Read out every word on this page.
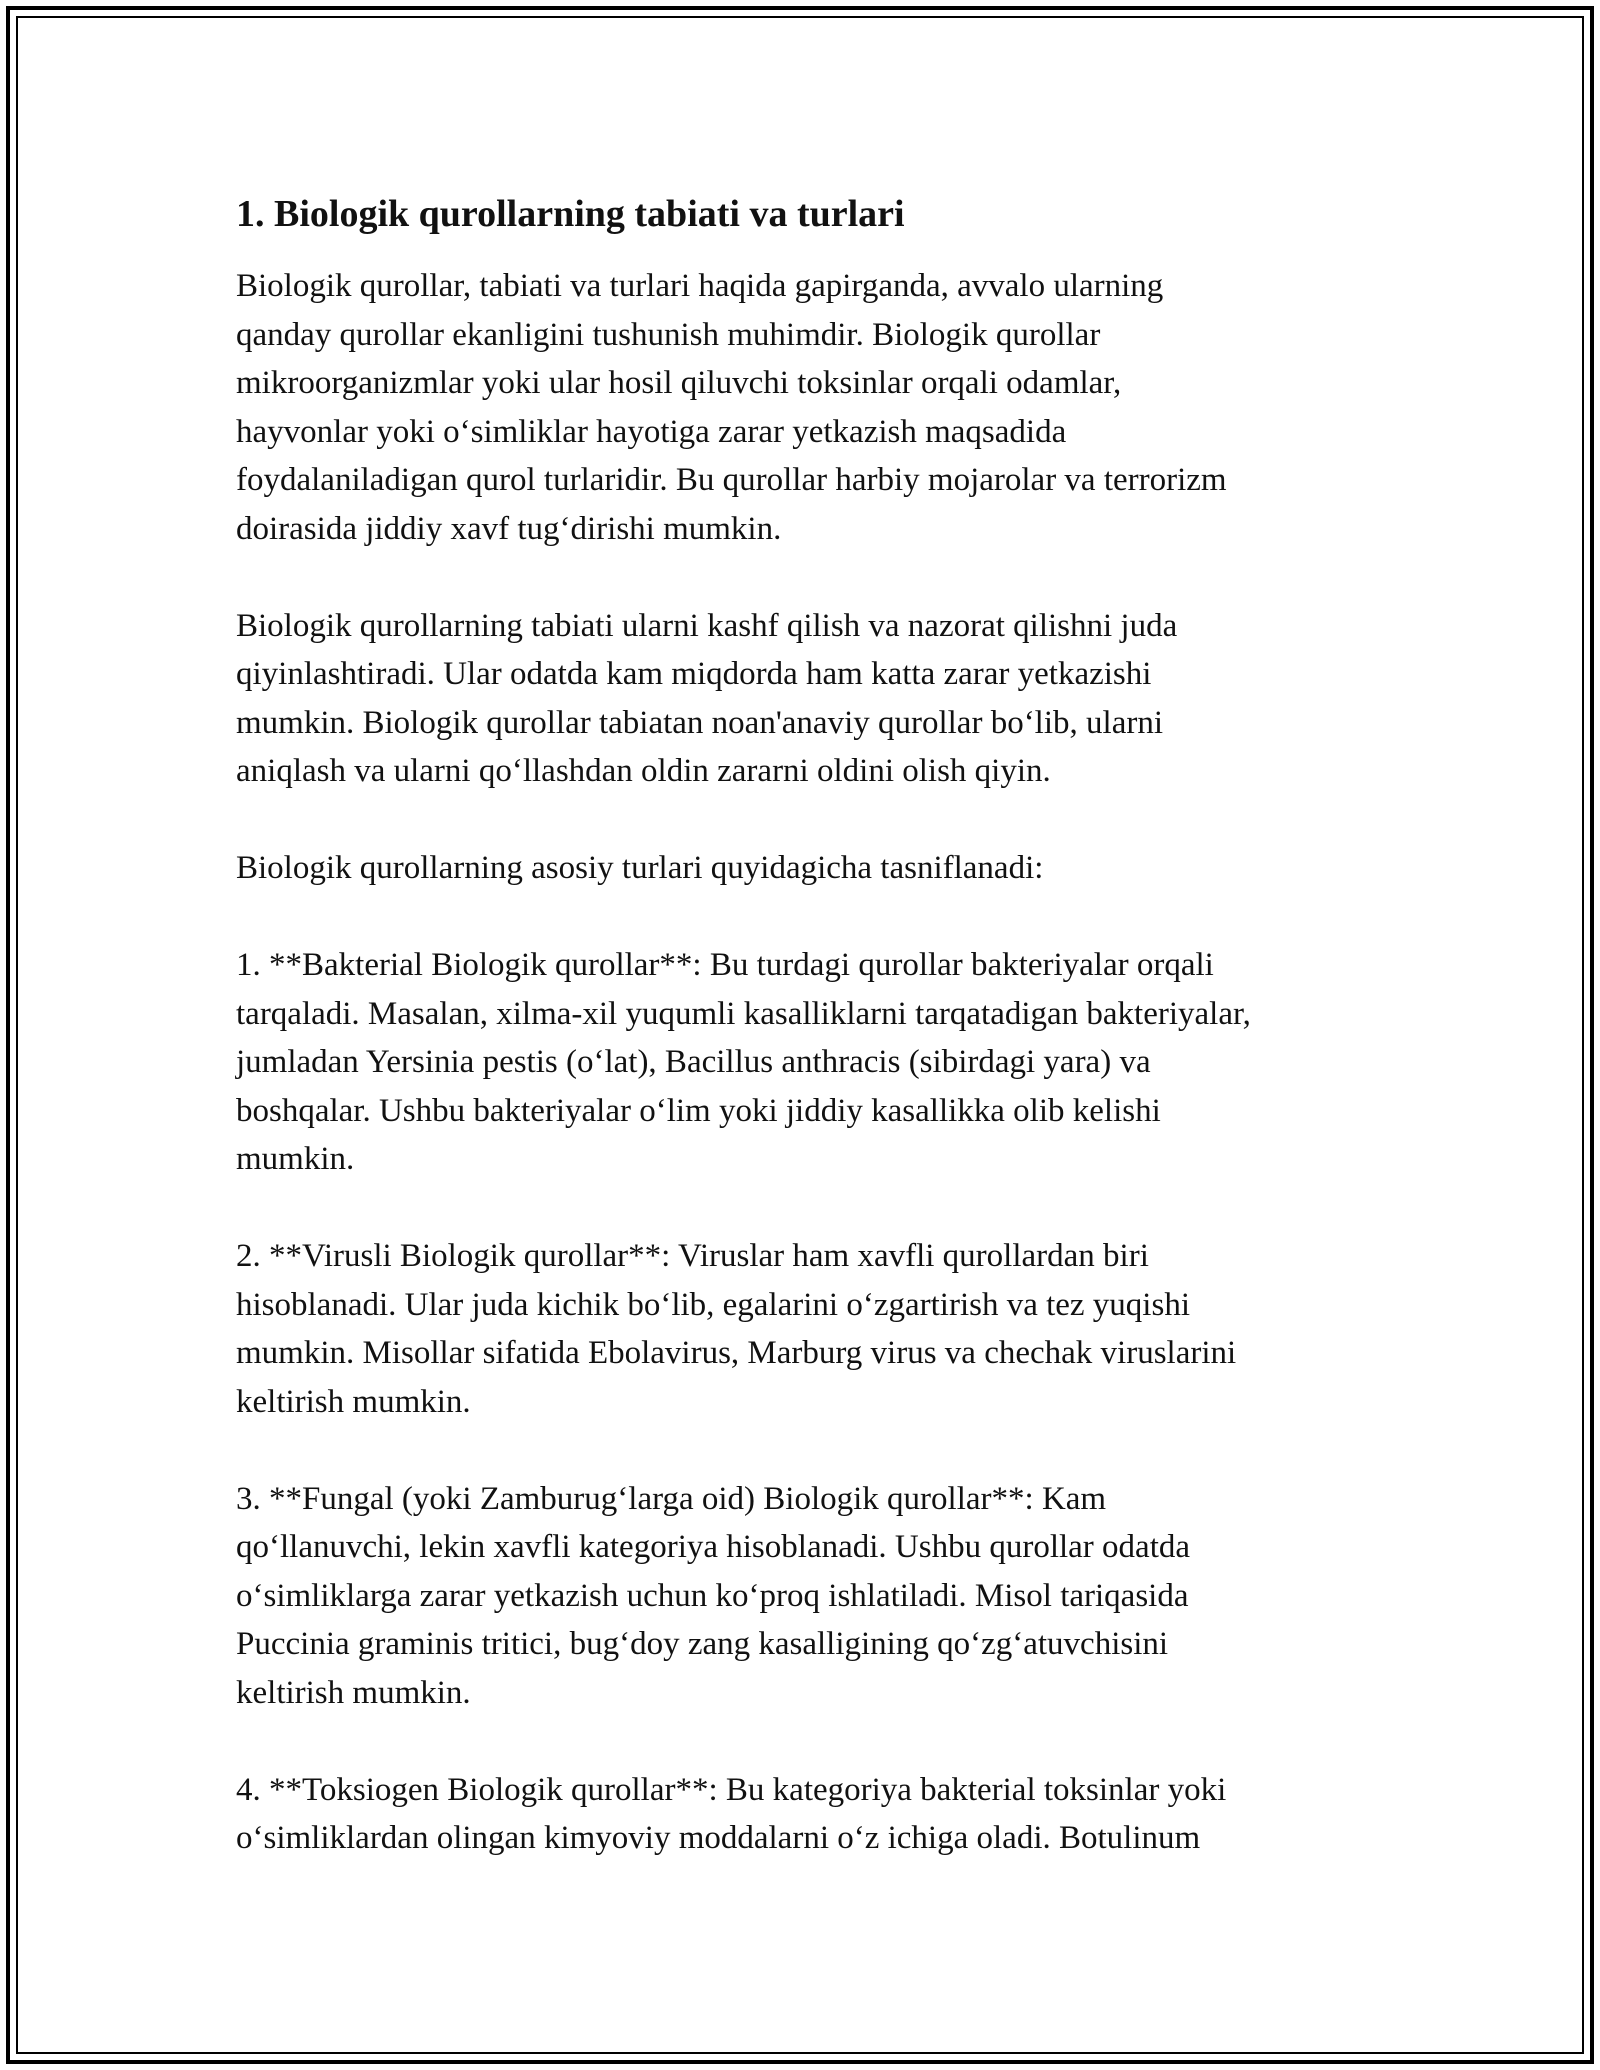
1. Biologik qurollarning tabiati va turlari
Biologik qurollar, tabiati va turlari haqida gapirganda, avvalo ularning
qanday qurollar ekanligini tushunish muhimdir. Biologik qurollar
mikroorganizmlar yoki ular hosil qiluvchi toksinlar orqali odamlar,
hayvonlar yoki o‘simliklar hayotiga zarar yetkazish maqsadida
foydalaniladigan qurol turlaridir. Bu qurollar harbiy mojarolar va terrorizm
doirasida jiddiy xavf tug‘dirishi mumkin.
Biologik qurollarning tabiati ularni kashf qilish va nazorat qilishni juda
qiyinlashtiradi. Ular odatda kam miqdorda ham katta zarar yetkazishi
mumkin. Biologik qurollar tabiatan noan'anaviy qurollar bo‘lib, ularni
aniqlash va ularni qo‘llashdan oldin zararni oldini olish qiyin.
Biologik qurollarning asosiy turlari quyidagicha tasniflanadi:
1. **Bakterial Biologik qurollar**: Bu turdagi qurollar bakteriyalar orqali
tarqaladi. Masalan, xilma-xil yuqumli kasalliklarni tarqatadigan bakteriyalar,
jumladan Yersinia pestis (o‘lat), Bacillus anthracis (sibirdagi yara) va
boshqalar. Ushbu bakteriyalar o‘lim yoki jiddiy kasallikka olib kelishi
mumkin.
2. **Virusli Biologik qurollar**: Viruslar ham xavfli qurollardan biri
hisoblanadi. Ular juda kichik bo‘lib, egalarini o‘zgartirish va tez yuqishi
mumkin. Misollar sifatida Ebolavirus, Marburg virus va chechak viruslarini
keltirish mumkin.
3. **Fungal (yoki Zamburug‘larga oid) Biologik qurollar**: Kam
qo‘llanuvchi, lekin xavfli kategoriya hisoblanadi. Ushbu qurollar odatda
o‘simliklarga zarar yetkazish uchun ko‘proq ishlatiladi. Misol tariqasida
Puccinia graminis tritici, bug‘doy zang kasalligining qo‘zg‘atuvchisini
keltirish mumkin.
4. **Toksiogen Biologik qurollar**: Bu kategoriya bakterial toksinlar yoki
o‘simliklardan olingan kimyoviy moddalarni o‘z ichiga oladi. Botulinum
